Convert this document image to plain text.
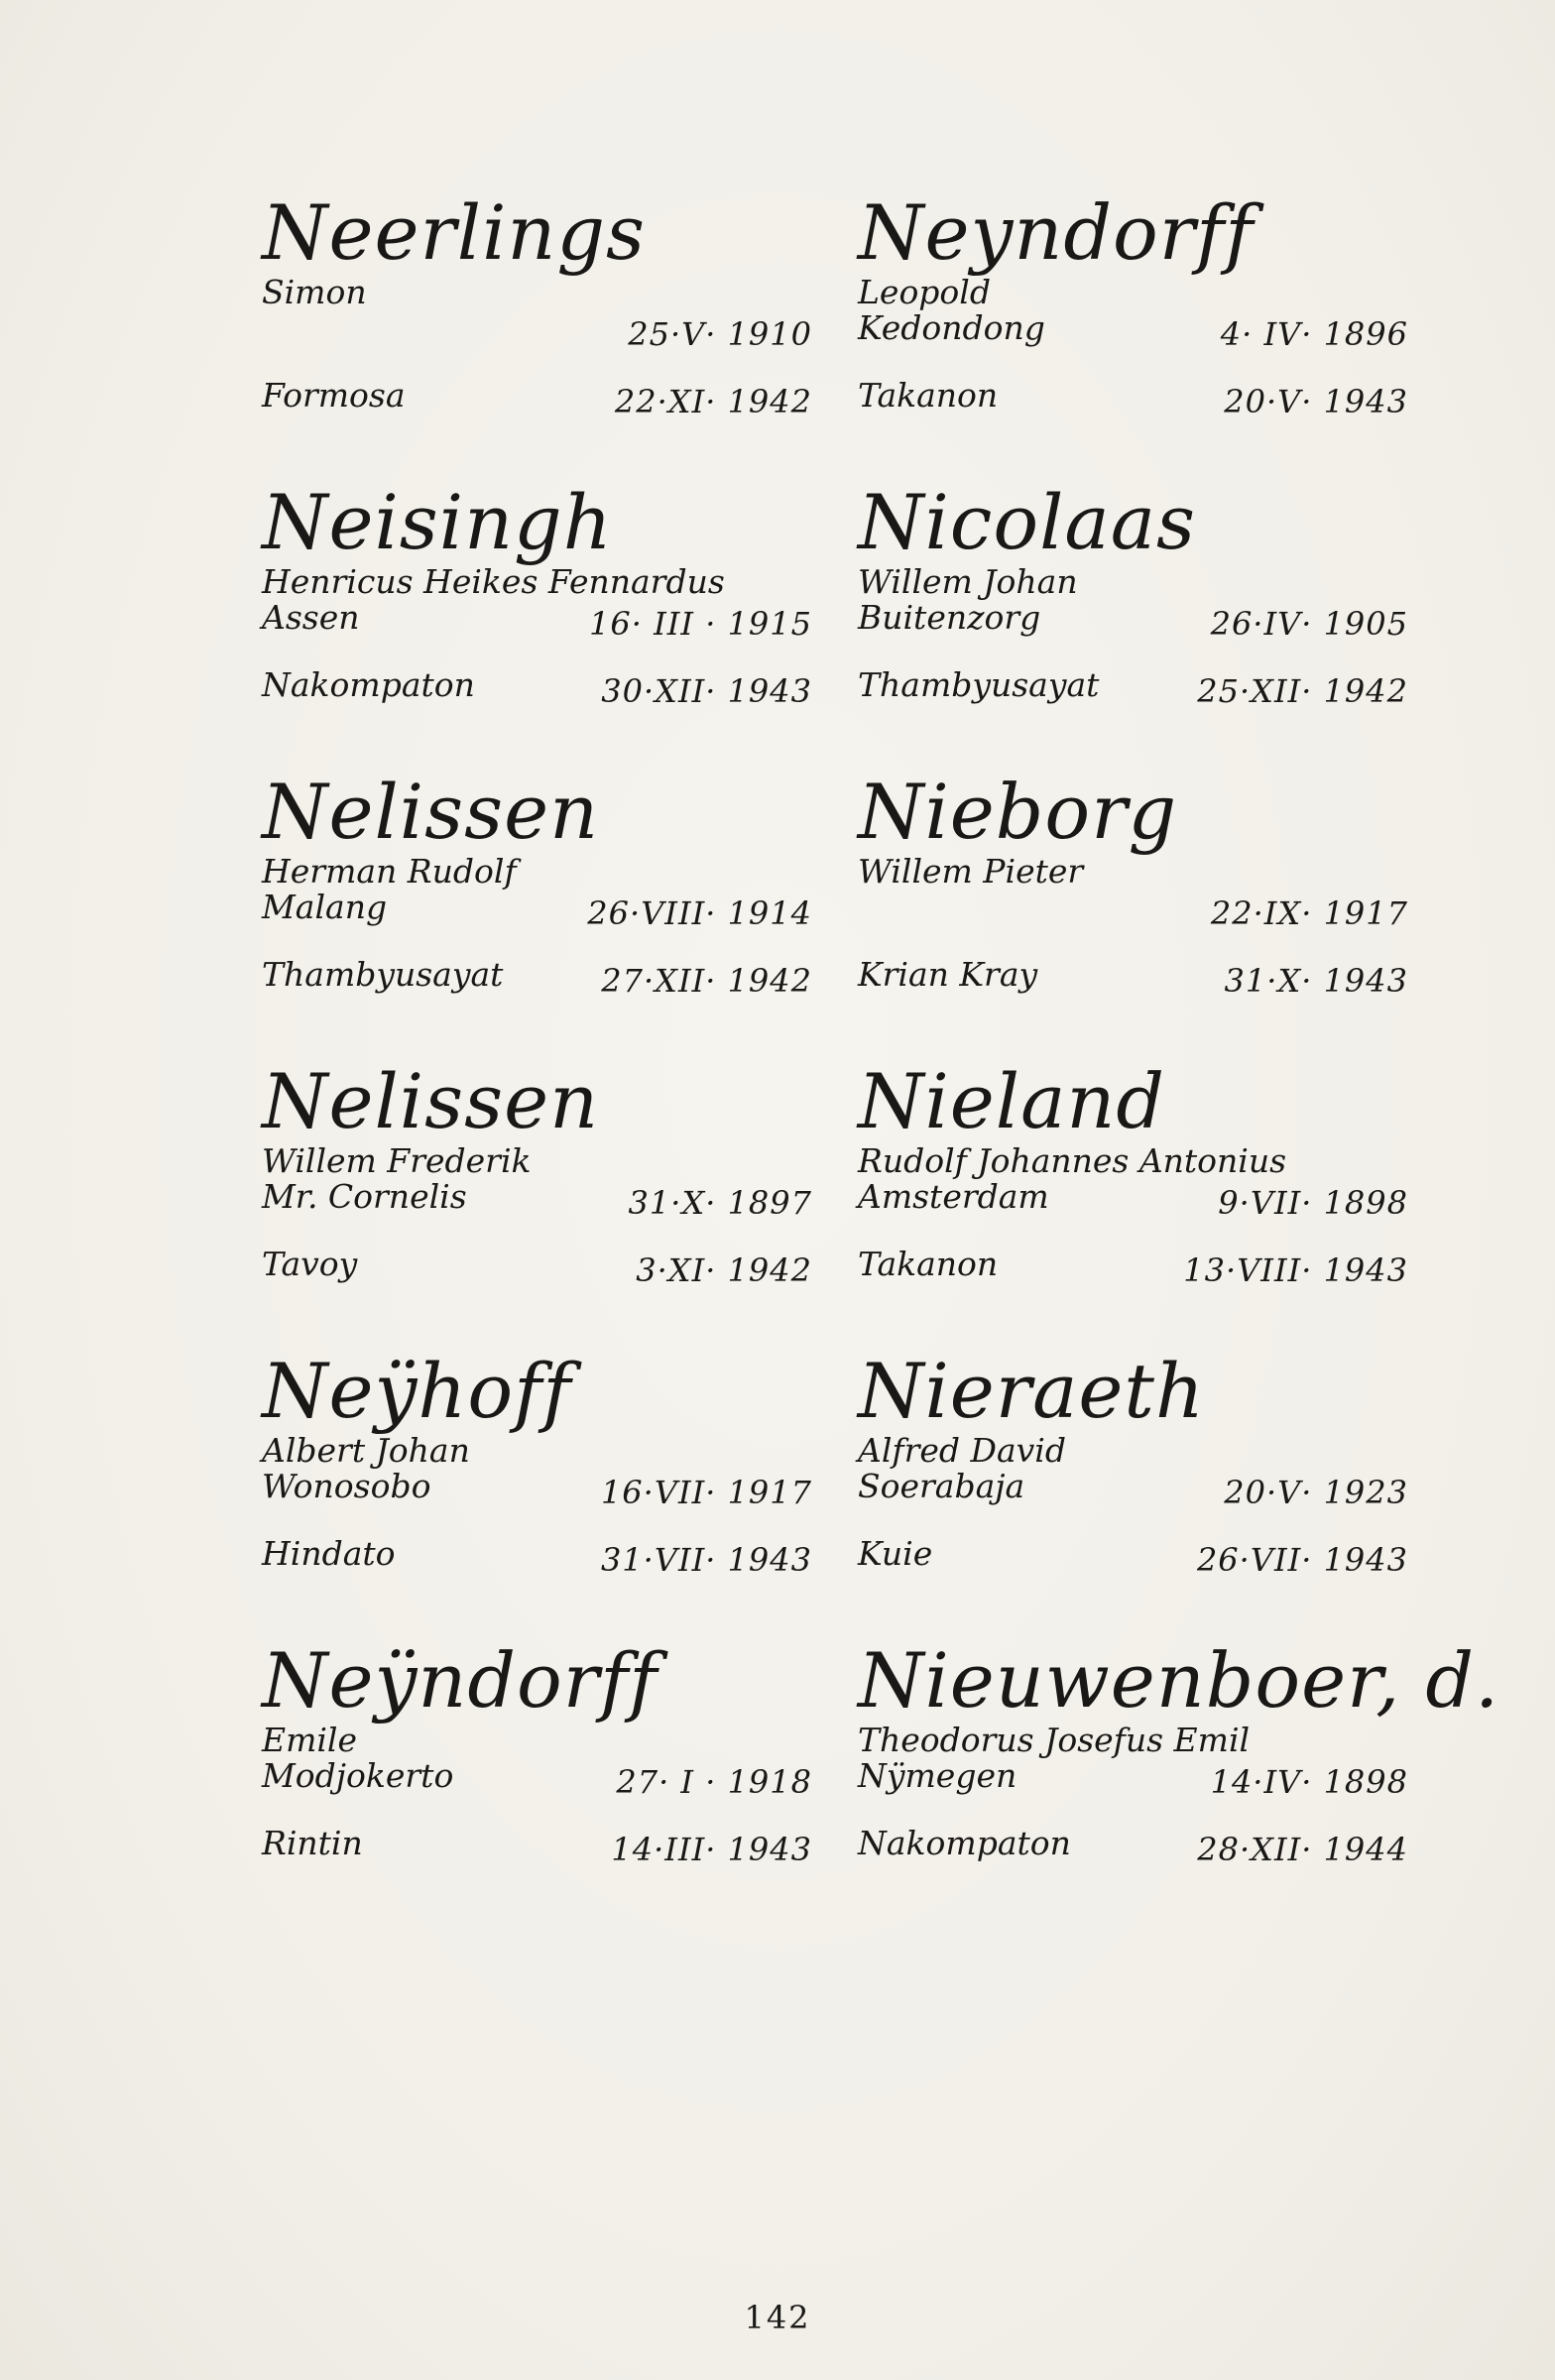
Neerlings
Simon
25·V· 1910
Formosa	22·XI· 1942
Neisingh
Henricus Heikes Fennardus
Assen	16· III · 1915
Nakompaton	30·XII· 1943
Nelissen
Herman Rudolf
Malang	26·VIII· 1914
Thambyusayat	27·XII· 1942
Nelissen
Willem Frederik
Mr. Cornelis	31·X· 1897
Tavoy	3·XI· 1942
Neÿhoff
Albert Johan
Wonosobo	16·VII· 1917
Hindato	31·VII· 1943
Neÿndorff
Emile
Modjokerto	27· I · 1918
Rintin	14·III· 1943
Neyndorff
Leopold
Kedondong	4· IV· 1896
Takanon	20·V· 1943
Nicolaas
Willem Johan
Buitenzorg	26·IV· 1905
Thambyusayat	25·XII· 1942
Nieborg
Willem Pieter
22·IX· 1917
Krian Kray	31·X· 1943
Nieland
Rudolf Johannes Antonius
Amsterdam	9·VII· 1898
Takanon	13·VIII· 1943
Nieraeth
Alfred David
Soerabaja	20·V· 1923
Kuie	26·VII· 1943
Nieuwenboer, d.
Theodorus Josefus Emil
Nÿmegen	14·IV· 1898
Nakompaton	28·XII· 1944
142
